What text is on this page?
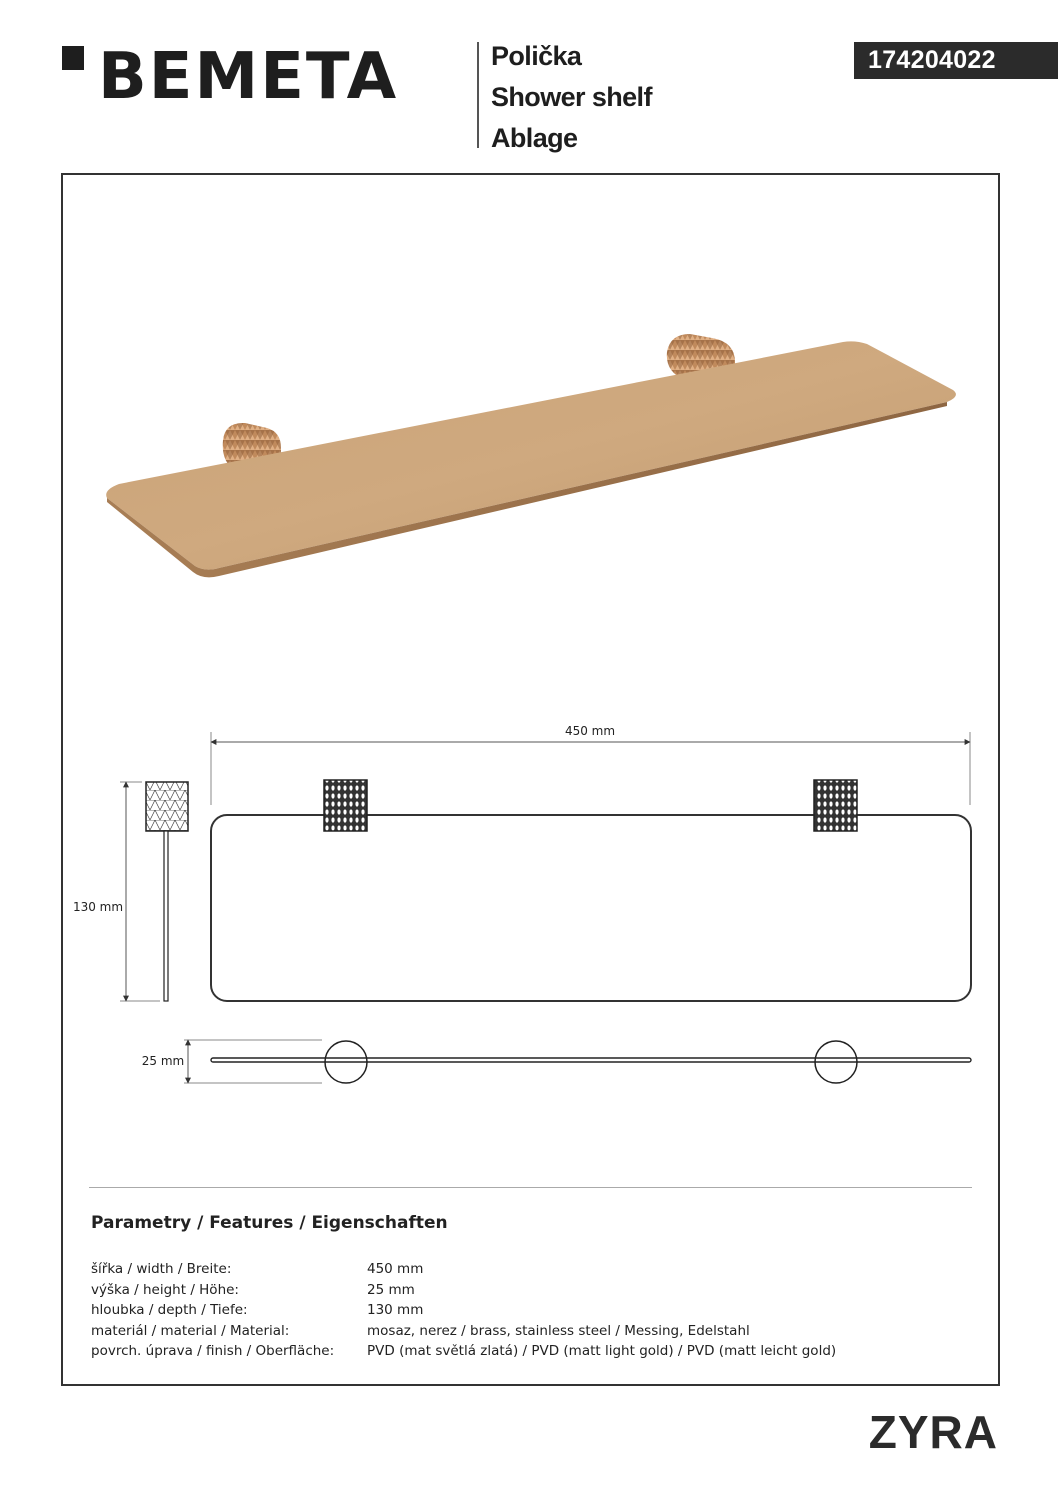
BEMETA	Polička
Shower shelf
Ablage
174204022
450 mm
130 mm
25 mm
Parametry / Features / Eigenschaften
šířka / width / Breite:	450 mm
výška / height / Höhe:	25 mm
hloubka / depth / Tiefe:	130 mm
materiál / material / Material:	mosaz, nerez / brass, stainless steel / Messing, Edelstahl
povrch. úprava / finish / Oberfläche:	PVD (mat světlá zlatá) / PVD (matt light gold) / PVD (matt leicht gold)
ZYRA
